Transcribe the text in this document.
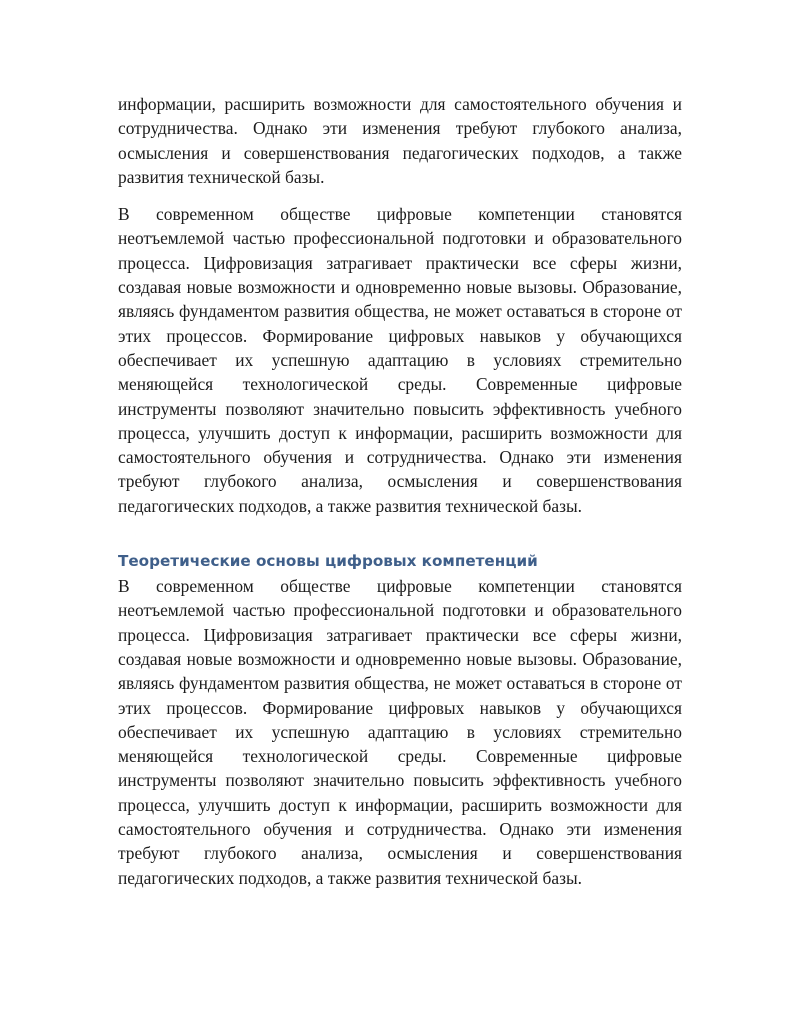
информации, расширить возможности для самостоятельного обучения и сотрудничества. Однако эти изменения требуют глубокого анализа, осмысления и совершенствования педагогических подходов, а также развития технической базы.

В современном обществе цифровые компетенции становятся неотъемлемой частью профессиональной подготовки и образовательного процесса. Цифровизация затрагивает практически все сферы жизни, создавая новые возможности и одновременно новые вызовы. Образование, являясь фундаментом развития общества, не может оставаться в стороне от этих процессов. Формирование цифровых навыков у обучающихся обеспечивает их успешную адаптацию в условиях стремительно меняющейся технологической среды. Современные цифровые инструменты позволяют значительно повысить эффективность учебного процесса, улучшить доступ к информации, расширить возможности для самостоятельного обучения и сотрудничества. Однако эти изменения требуют глубокого анализа, осмысления и совершенствования педагогических подходов, а также развития технической базы.

Теоретические основы цифровых компетенций

В современном обществе цифровые компетенции становятся неотъемлемой частью профессиональной подготовки и образовательного процесса. Цифровизация затрагивает практически все сферы жизни, создавая новые возможности и одновременно новые вызовы. Образование, являясь фундаментом развития общества, не может оставаться в стороне от этих процессов. Формирование цифровых навыков у обучающихся обеспечивает их успешную адаптацию в условиях стремительно меняющейся технологической среды. Современные цифровые инструменты позволяют значительно повысить эффективность учебного процесса, улучшить доступ к информации, расширить возможности для самостоятельного обучения и сотрудничества. Однако эти изменения требуют глубокого анализа, осмысления и совершенствования педагогических подходов, а также развития технической базы.
